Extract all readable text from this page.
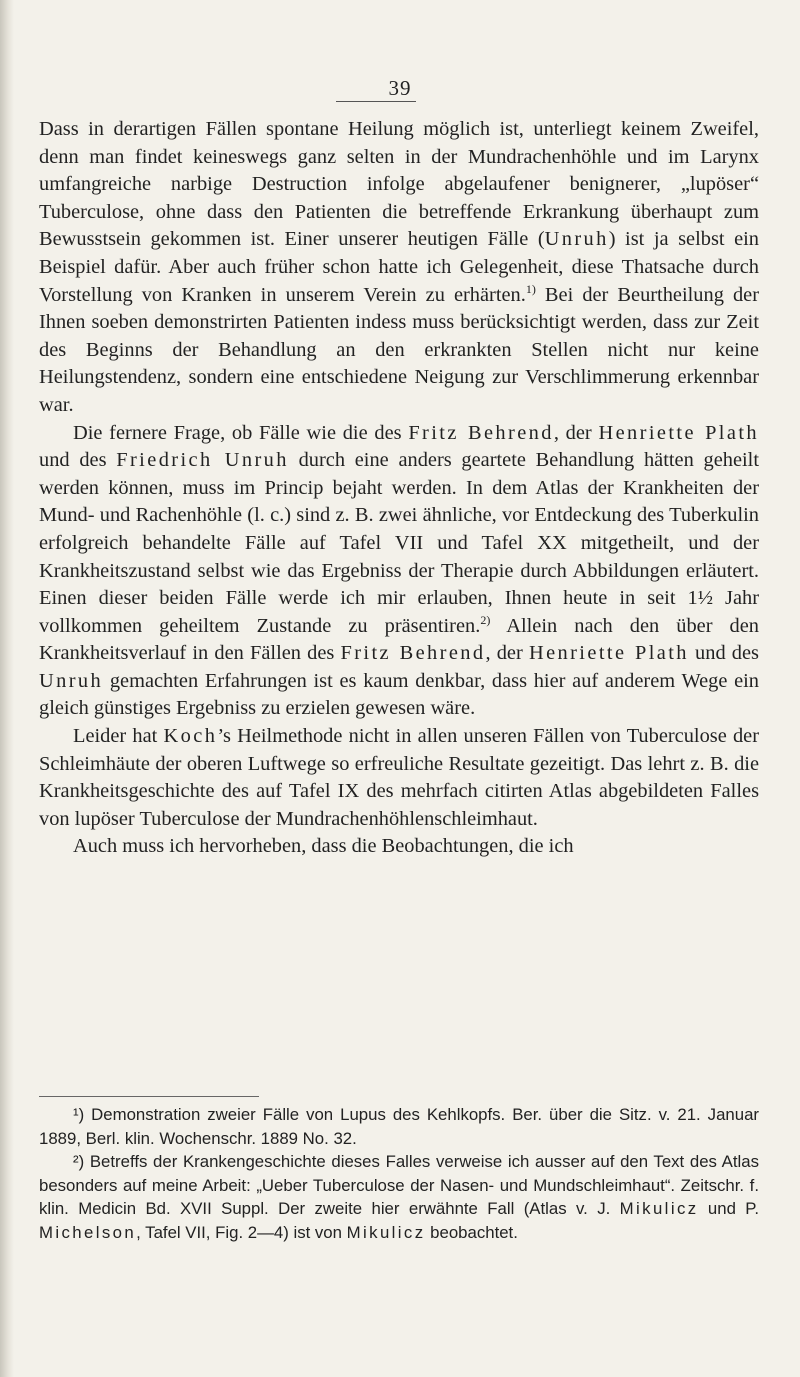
39

Dass in derartigen Fällen spontane Heilung möglich ist, unterliegt keinem Zweifel, denn man findet keineswegs ganz selten in der Mundrachenhöhle und im Larynx umfangreiche narbige Destruction infolge abgelaufener benignerer, „lupöser“ Tuberculose, ohne dass den Patienten die betreffende Erkrankung überhaupt zum Bewusstsein gekommen ist. Einer unserer heutigen Fälle (Unruh) ist ja selbst ein Beispiel dafür. Aber auch früher schon hatte ich Gelegenheit, diese Thatsache durch Vorstellung von Kranken in unserem Verein zu erhärten.$^{1)}$ Bei der Beurtheilung der Ihnen soeben demonstrirten Patienten indess muss berücksichtigt werden, dass zur Zeit des Beginns der Behandlung an den erkrankten Stellen nicht nur keine Heilungstendenz, sondern eine entschiedene Neigung zur Verschlimmerung erkennbar war.

Die fernere Frage, ob Fälle wie die des Fritz Behrend, der Henriette Plath und des Friedrich Unruh durch eine anders geartete Behandlung hätten geheilt werden können, muss im Princip bejaht werden. In dem Atlas der Krankheiten der Mund- und Rachenhöhle (l. c.) sind z. B. zwei ähnliche, vor Entdeckung des Tuberkulin erfolgreich behandelte Fälle auf Tafel VII und Tafel XX mitgetheilt, und der Krankheitszustand selbst wie das Ergebniss der Therapie durch Abbildungen erläutert. Einen dieser beiden Fälle werde ich mir erlauben, Ihnen heute in seit 1½ Jahr vollkommen geheiltem Zustande zu präsentiren.$^{2)}$ Allein nach den über den Krankheitsverlauf in den Fällen des Fritz Behrend, der Henriette Plath und des Unruh gemachten Erfahrungen ist es kaum denkbar, dass hier auf anderem Wege ein gleich günstiges Ergebniss zu erzielen gewesen wäre.

Leider hat Koch’s Heilmethode nicht in allen unseren Fällen von Tuberculose der Schleimhäute der oberen Luftwege so erfreuliche Resultate gezeitigt. Das lehrt z. B. die Krankheitsgeschichte des auf Tafel IX des mehrfach citirten Atlas abgebildeten Falles von lupöser Tuberculose der Mundrachenhöhlenschleimhaut.

Auch muss ich hervorheben, dass die Beobachtungen, die ich

¹) Demonstration zweier Fälle von Lupus des Kehlkopfs. Ber. über die Sitz. v. 21. Januar 1889, Berl. klin. Wochenschr. 1889 No. 32.

²) Betreffs der Krankengeschichte dieses Falles verweise ich ausser auf den Text des Atlas besonders auf meine Arbeit: „Ueber Tuberculose der Nasen- und Mundschleimhaut“. Zeitschr. f. klin. Medicin Bd. XVII Suppl. Der zweite hier erwähnte Fall (Atlas v. J. Mikulicz und P. Michelson, Tafel VII, Fig. 2—4) ist von Mikulicz beobachtet.
